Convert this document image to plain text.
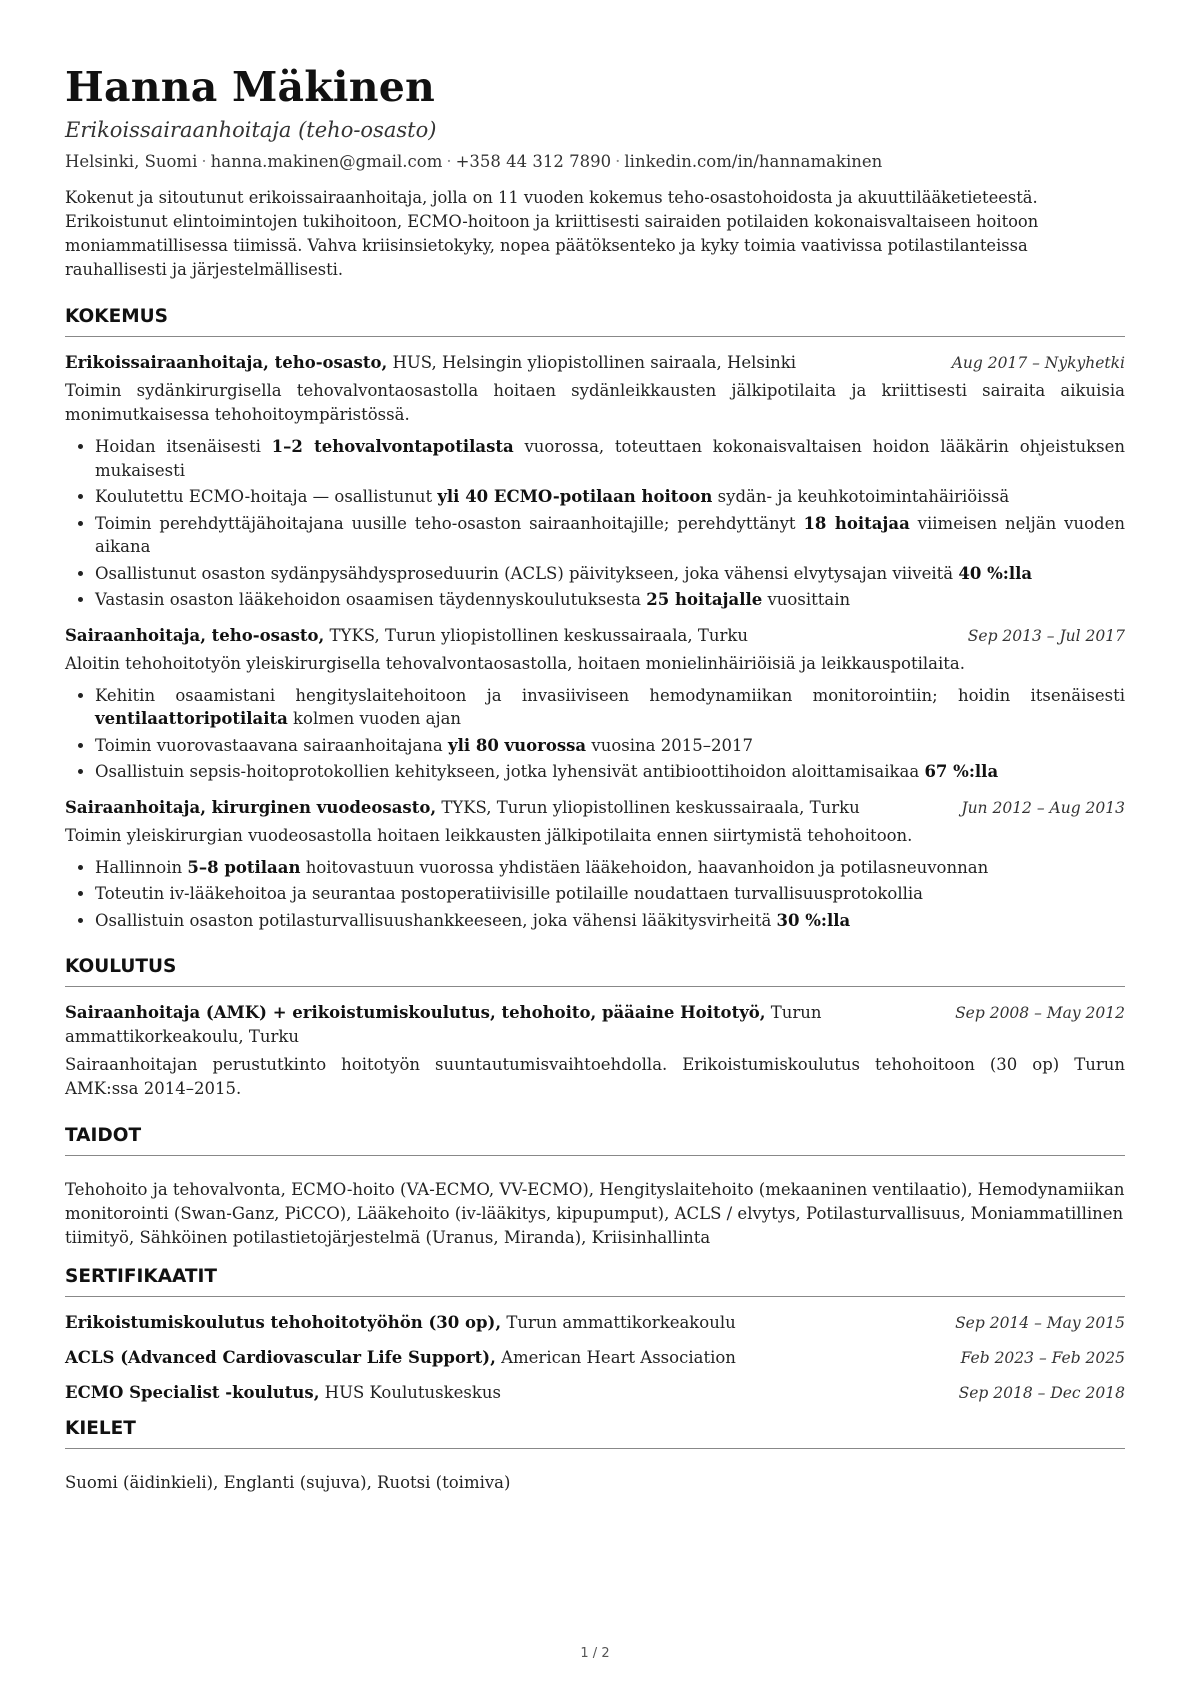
Hanna Mäkinen
Erikoissairaanhoitaja (teho-osasto)
Helsinki, Suomi · hanna.makinen@gmail.com · +358 44 312 7890 · linkedin.com/in/hannamakinen
Kokenut ja sitoutunut erikoissairaanhoitaja, jolla on 11 vuoden kokemus teho-osastohoidosta ja akuuttilääketieteestä. Erikoistunut elintoimintojen tukihoitoon, ECMO-hoitoon ja kriittisesti sairaiden potilaiden kokonaisvaltaiseen hoitoon moniammatillisessa tiimissä. Vahva kriisinsietokyky, nopea päätöksenteko ja kyky toimia vaativissa potilastilanteissa rauhallisesti ja järjestelmällisesti.
KOKEMUS
Erikoissairaanhoitaja, teho-osasto, HUS, Helsingin yliopistollinen sairaala, Helsinki	Aug 2017 – Nykyhetki
Toimin sydänkirurgisella tehovalvontaosastolla hoitaen sydänleikkausten jälkipotilaita ja kriittisesti sairaita aikuisia monimutkaisessa tehohoitoympäristössä.
• Hoidan itsenäisesti 1–2 tehovalvontapotilasta vuorossa, toteuttaen kokonaisvaltaisen hoidon lääkärin ohjeistuksen mukaisesti
• Koulutettu ECMO-hoitaja — osallistunut yli 40 ECMO-potilaan hoitoon sydän- ja keuhkotoimintahäiriöissä
• Toimin perehdyttäjähoitajana uusille teho-osaston sairaanhoitajille; perehdyttänyt 18 hoitajaa viimeisen neljän vuoden aikana
• Osallistunut osaston sydänpysähdysproseduurin (ACLS) päivitykseen, joka vähensi elvytysajan viiveitä 40 %:lla
• Vastasin osaston lääkehoidon osaamisen täydennyskoulutuksesta 25 hoitajalle vuosittain
Sairaanhoitaja, teho-osasto, TYKS, Turun yliopistollinen keskussairaala, Turku	Sep 2013 – Jul 2017
Aloitin tehohoitotyön yleiskirurgisella tehovalvontaosastolla, hoitaen monielinhäiriöisiä ja leikkauspotilaita.
• Kehitin osaamistani hengityslaitehoitoon ja invasiiviseen hemodynamiikan monitorointiin; hoidin itsenäisesti ventilaattoripotilaita kolmen vuoden ajan
• Toimin vuorovastaavana sairaanhoitajana yli 80 vuorossa vuosina 2015–2017
• Osallistuin sepsis-hoitoprotokollien kehitykseen, jotka lyhensivät antibioottihoidon aloittamisaikaa 67 %:lla
Sairaanhoitaja, kirurginen vuodeosasto, TYKS, Turun yliopistollinen keskussairaala, Turku	Jun 2012 – Aug 2013
Toimin yleiskirurgian vuodeosastolla hoitaen leikkausten jälkipotilaita ennen siirtymistä tehohoitoon.
• Hallinnoin 5–8 potilaan hoitovastuun vuorossa yhdistäen lääkehoidon, haavanhoidon ja potilasneuvonnan
• Toteutin iv-lääkehoitoa ja seurantaa postoperatiivisille potilaille noudattaen turvallisuusprotokollia
• Osallistuin osaston potilasturvallisuushankkeeseen, joka vähensi lääkitysvirheitä 30 %:lla
KOULUTUS
Sairaanhoitaja (AMK) + erikoistumiskoulutus, tehohoito, pääaine Hoitotyö, Turun ammattikorkeakoulu, Turku
Sep 2008 – May 2012
Sairaanhoitajan perustutkinto hoitotyön suuntautumisvaihtoehdolla. Erikoistumiskoulutus tehohoitoon (30 op) Turun AMK:ssa 2014–2015.
TAIDOT
Tehohoito ja tehovalvonta, ECMO-hoito (VA-ECMO, VV-ECMO), Hengityslaitehoito (mekaaninen ventilaatio), Hemodynamiikan monitorointi (Swan-Ganz, PiCCO), Lääkehoito (iv-lääkitys, kipupumput), ACLS / elvytys, Potilasturvallisuus, Moniammatillinen tiimityö, Sähköinen potilastietojärjestelmä (Uranus, Miranda), Kriisinhallinta
SERTIFIKAATIT
Erikoistumiskoulutus tehohoitotyöhön (30 op), Turun ammattikorkeakoulu	Sep 2014 – May 2015
ACLS (Advanced Cardiovascular Life Support), American Heart Association	Feb 2023 – Feb 2025
ECMO Specialist -koulutus, HUS Koulutuskeskus	Sep 2018 – Dec 2018
KIELET
Suomi (äidinkieli), Englanti (sujuva), Ruotsi (toimiva)
1 / 2
